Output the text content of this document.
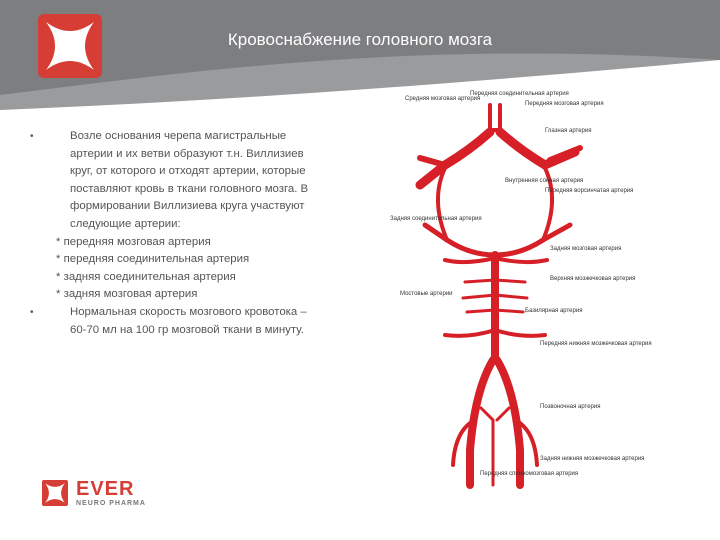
Кровоснабжение головного мозга
•	Возле основания черепа магистральные артерии и их ветви образуют т.н. Виллизиев круг, от которого и отходят артерии, которые поставляют кровь в ткани головного мозга. В формировании Виллизиева круга участвуют следующие артерии:
* передняя мозговая артерия
* передняя соединительная артерия
* задняя соединительная артерия
* задняя мозговая артерия
•	Нормальная скорость мозгового кровотока – 60-70 мл на 100 гр мозговой ткани в минуту.
Средняя мозговая артерия
Передняя соединительная артерия
Передняя мозговая артерия
Глазная артерия
Внутренняя сонная артерия
Передняя ворсинчатая артерия
Задняя соединительная артерия
Задняя мозговая артерия
Верхняя мозжечковая артерия
Мостовые артерии
Базилярная артерия
Передняя нижняя мозжечковая артерия
Позвоночная артерия
Задняя нижняя мозжечковая артерия
Передняя спинномозговая артерия
EVER
NEURO PHARMA
